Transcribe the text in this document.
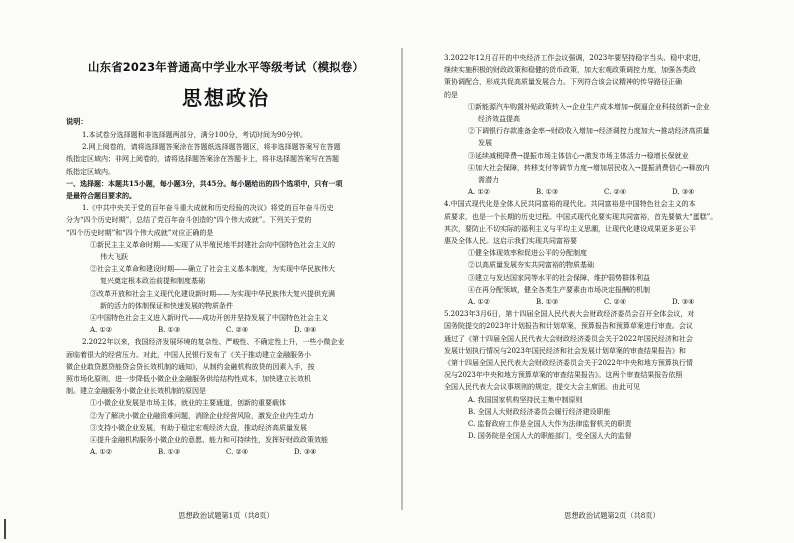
山东省2023年普通高中学业水平等级考试（模拟卷）
思想政治
说明：
1.本试卷分选择题和非选择题两部分，满分100分，考试时间为90分钟。
2.网上阅卷的，请将选择题答案涂在答题纸选择题答题区，将非选择题答案写在答题
纸指定区域内；非网上阅卷的，请将选择题答案涂在答题卡上，将非选择题答案写在答题
纸指定区域内。
一、选择题：本题共15小题，每小题3分，共45分。每小题给出的四个选项中，只有一项
是最符合题目要求的。
1.《中共中央关于党的百年奋斗重大成就和历史经验的决议》将党的百年奋斗历史
分为“四个历史时期”，总结了党百年奋斗创造的“四个伟大成就”。下列关于党的
“四个历史时期”和“四个伟大成就”对应正确的是
①新民主主义革命时期——实现了从半殖民地半封建社会向中国特色社会主义的
伟大飞跃
②社会主义革命和建设时期——确立了社会主义基本制度，为实现中华民族伟大
复兴奠定根本政治前提和制度基础
③改革开放和社会主义现代化建设新时期——为实现中华民族伟大复兴提供充满
新的活力的体制保证和快速发展的物质条件
④中国特色社会主义进入新时代——成功开创并坚持发展了中国特色社会主义
A. ①②	B. ①③	C. ②④	D. ③④
2.2022年以来，我国经济发展环境的复杂性、严峻性、不确定性上升，一些小微企业
面临着很大的经营压力。对此，中国人民银行发布了《关于推动建立金融服务小
微企业敢贷愿贷能贷会贷长效机制的通知》，从制约金融机构放贷的因素入手，按
照市场化原则，进一步降低小微企业金融服务供给结构性成本，加快建立长效机
制。建立金融服务小微企业长效机制的原因是
①小微企业发展是市场主体，就业的主要通道，创新的重要载体
②为了解决小微企业融资难问题，消除企业经营风险，激发企业内生动力
③支持小微企业发展，有助于稳定宏观经济大盘，推动经济高质量发展
④提升金融机构服务小微企业的意愿、能力和可持续性，发挥好财政政策效能
A. ①②	B. ①③	C. ②④	D. ③④
思想政治试题第1页（共8页）
3.2022年12月召开的中央经济工作会议强调，2023年要坚持稳字当头、稳中求进，
继续实施积极的财政政策和稳健的货币政策，加大宏观政策调控力度，加强各类政
策协调配合，形成共促高质量发展合力。下列符合该会议精神的传导路径正确
的是
①新能源汽车购置补贴政策转入→企业生产成本增加→倒逼企业科技创新→企业
经济效益提高
②下调银行存款准备金率→财政收入增加→经济调控力度加大→推动经济高质量
发展
③延续减税降费→提振市场主体信心→激发市场主体活力→稳增长保就业
④加大社会保障，转移支付等调节力度→增加居民收入→提振消费信心→释放内
需潜力
A. ①②	B. ①③	C. ②④	D. ③④
4.中国式现代化是全体人民共同富裕的现代化。共同富裕是中国特色社会主义的本
质要求，也是一个长期的历史过程。中国式现代化要实现共同富裕，首先要做大“蛋糕”。
其次，要防止不切实际的福利主义与平均主义思潮，让现代化建设成果更多更公平
惠及全体人民。这启示我们实现共同富裕要
①健全体现效率和促进公平的分配制度
②以高质量发展夯实共同富裕的物质基础
③建立与发达国家同等水平的社会保障，维护弱势群体利益
④在再分配领域，健全各类生产要素由市场决定报酬的机制
A. ①②	B. ①③	C. ②④	D. ③④
5.2023年3月6日，第十四届全国人民代表大会财政经济委员会召开全体会议，对
国务院提交的2023年计划报告和计划草案，预算报告和预算草案进行审查。会议
通过了《第十四届全国人民代表大会财政经济委员会关于2022年国民经济和社会
发展计划执行情况与2023年国民经济和社会发展计划草案的审查结果报告》和
《第十四届全国人民代表大会财政经济委员会关于2022年中央和地方预算执行情
况与2023年中央和地方预算草案的审查结果报告》。这两个审查结果报告依照
全国人民代表大会议事规则的规定，提交大会主席团。由此可见
A. 我国国家机构坚持民主集中制原则
B. 全国人大财政经济委员会履行经济建设职能
C. 监督政府工作是全国人大作为法律监督机关的职责
D. 国务院是全国人大的职能部门，受全国人大的监督
思想政治试题第2页（共8页）
